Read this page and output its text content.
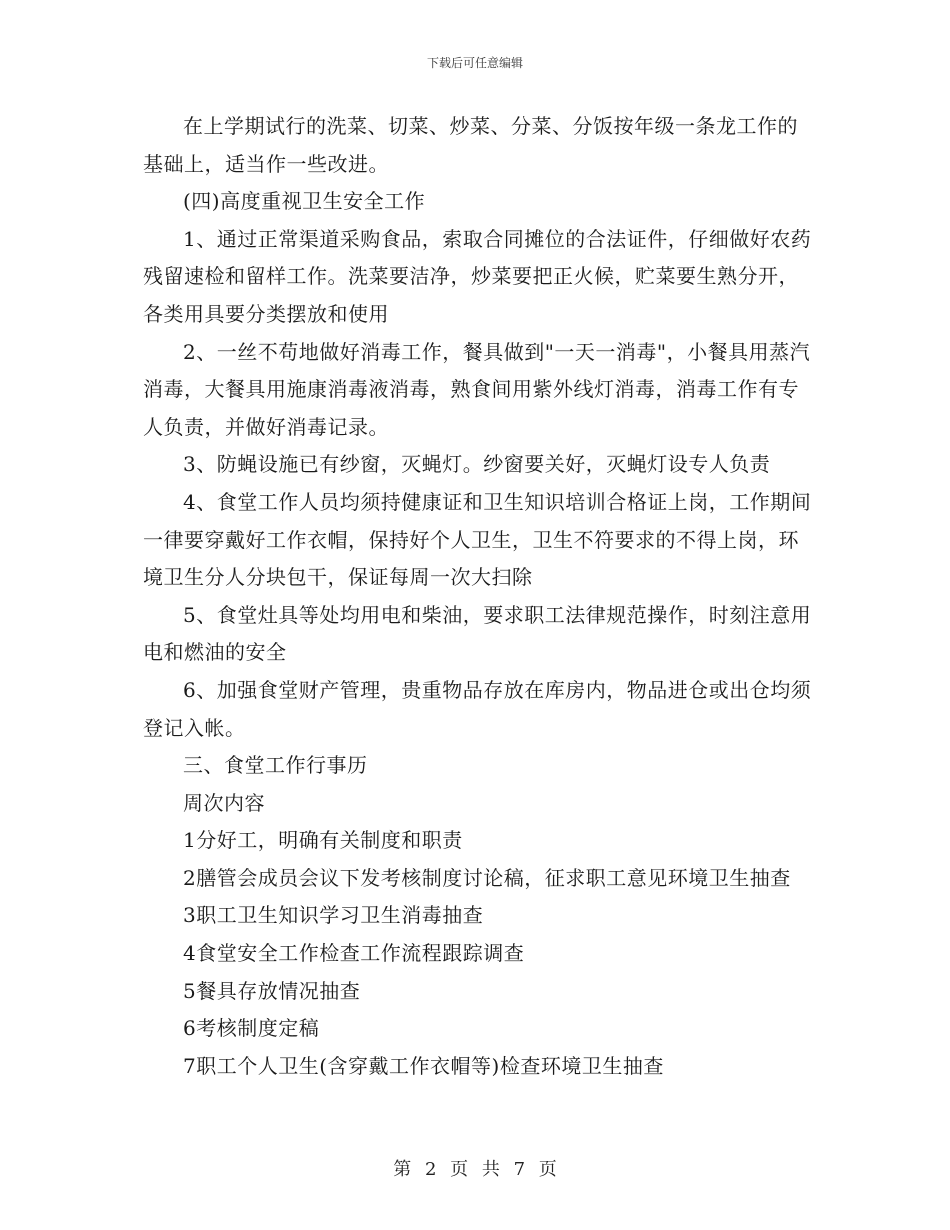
下载后可任意编辑

在上学期试行的洗菜、切菜、炒菜、分菜、分饭按年级一条龙工作的基础上，适当作一些改进。

(四)高度重视卫生安全工作

1、通过正常渠道采购食品，索取合同摊位的合法证件，仔细做好农药残留速检和留样工作。洗菜要洁净，炒菜要把正火候，贮菜要生熟分开，各类用具要分类摆放和使用

2、一丝不苟地做好消毒工作，餐具做到"一天一消毒"，小餐具用蒸汽消毒，大餐具用施康消毒液消毒，熟食间用紫外线灯消毒，消毒工作有专人负责，并做好消毒记录。

3、防蝇设施已有纱窗，灭蝇灯。纱窗要关好，灭蝇灯设专人负责

4、食堂工作人员均须持健康证和卫生知识培训合格证上岗，工作期间一律要穿戴好工作衣帽，保持好个人卫生，卫生不符要求的不得上岗，环境卫生分人分块包干，保证每周一次大扫除

5、食堂灶具等处均用电和柴油，要求职工法律规范操作，时刻注意用电和燃油的安全

6、加强食堂财产管理，贵重物品存放在库房内，物品进仓或出仓均须登记入帐。

三、食堂工作行事历

周次内容

1分好工，明确有关制度和职责

2膳管会成员会议下发考核制度讨论稿，征求职工意见环境卫生抽查

3职工卫生知识学习卫生消毒抽查

4食堂安全工作检查工作流程跟踪调查

5餐具存放情况抽查

6考核制度定稿

7职工个人卫生(含穿戴工作衣帽等)检查环境卫生抽查

第 2 页 共 7 页
